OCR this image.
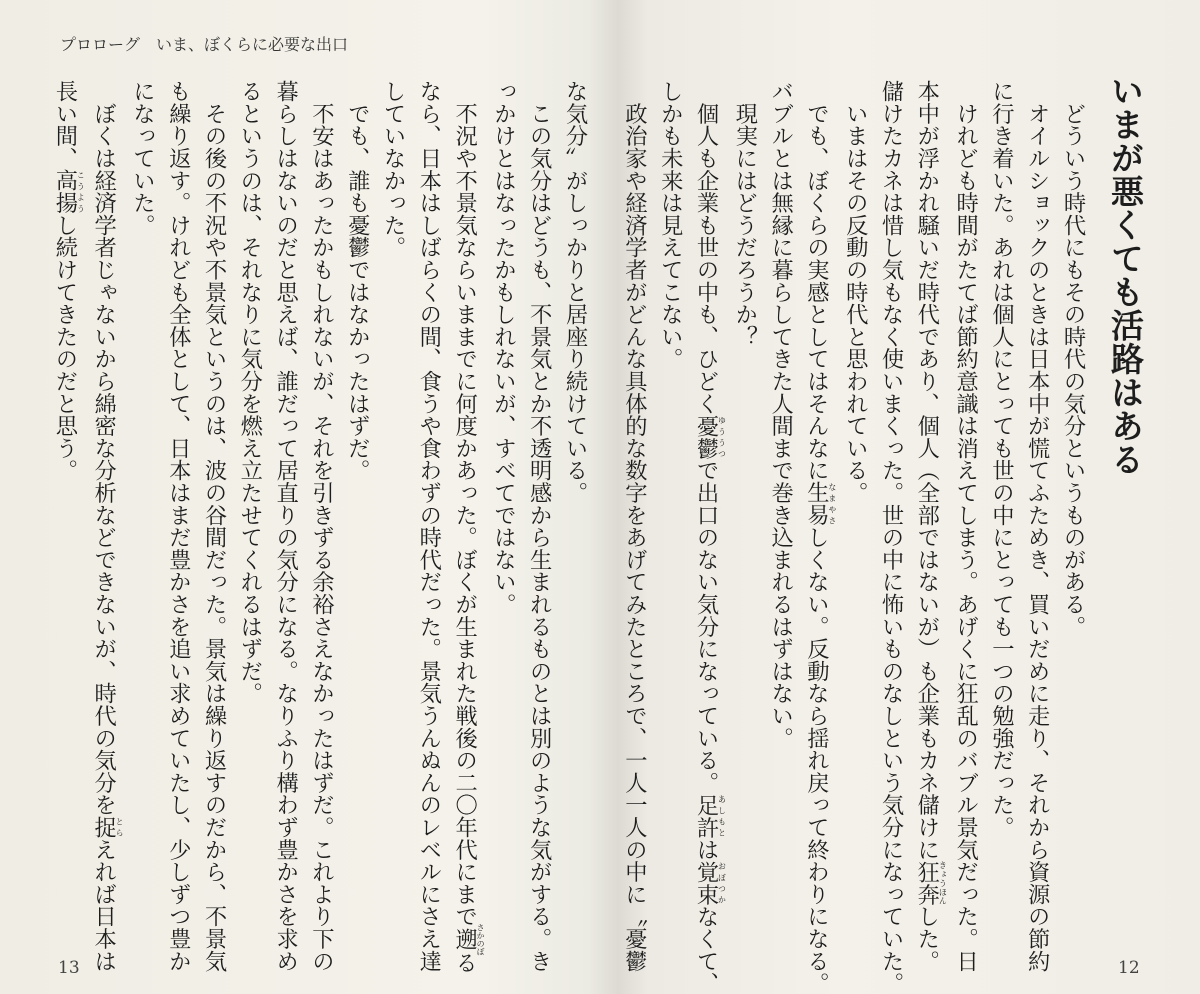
プロローグ　いま、ぼくらに必要な出口
いまが悪くても活路はある
な気分〟がしっかりと居座り続けている。
　この気分はどうも、不景気とか不透明感から生まれるものとは別のような気がする。き
っかけとはなったかもしれないが、すべてではない。
　不況や不景気ならいままでに何度かあった。ぼくが生まれた戦後の二〇年代にまで遡さかのぼる
なら、日本はしばらくの間、食うや食わずの時代だった。景気うんぬんのレベルにさえ達
していなかった。
　でも、誰も憂鬱ではなかったはずだ。
　不安はあったかもしれないが、それを引きずる余裕さえなかったはずだ。これより下の
暮らしはないのだと思えば、誰だって居直りの気分になる。なりふり構わず豊かさを求め
るというのは、それなりに気分を燃え立たせてくれるはずだ。
　その後の不況や不景気というのは、波の谷間だった。景気は繰り返すのだから、不景気
も繰り返す。けれども全体として、日本はまだ豊かさを追い求めていたし、少しずつ豊か
になっていた。
　ぼくは経済学者じゃないから綿密な分析などできないが、時代の気分を捉とらえれば日本は
長い間、高揚こうようし続けてきたのだと思う。	　どういう時代にもその時代の気分というものがある。
　オイルショックのときは日本中が慌てふためき、買いだめに走り、それから資源の節約
に行き着いた。あれは個人にとっても世の中にとっても一つの勉強だった。
　けれども時間がたてば節約意識は消えてしまう。あげくに狂乱のバブル景気だった。日
本中が浮かれ騒いだ時代であり、個人（全部ではないが）も企業もカネ儲けに狂奔きょうほんした。
儲けたカネは惜し気もなく使いまくった。世の中に怖いものなしという気分になっていた。
　いまはその反動の時代と思われている。
　でも、ぼくらの実感としてはそんなに生易なまやさしくない。反動なら揺れ戻って終わりになる。
バブルとは無縁に暮らしてきた人間まで巻き込まれるはずはない。
　現実にはどうだろうか？
　個人も企業も世の中も、ひどく憂鬱ゆううつで出口のない気分になっている。足許あしもとは覚束おぼつかなくて、
しかも未来は見えてこない。
　政治家や経済学者がどんな具体的な数字をあげてみたところで、一人一人の中に〝憂鬱
13	12
